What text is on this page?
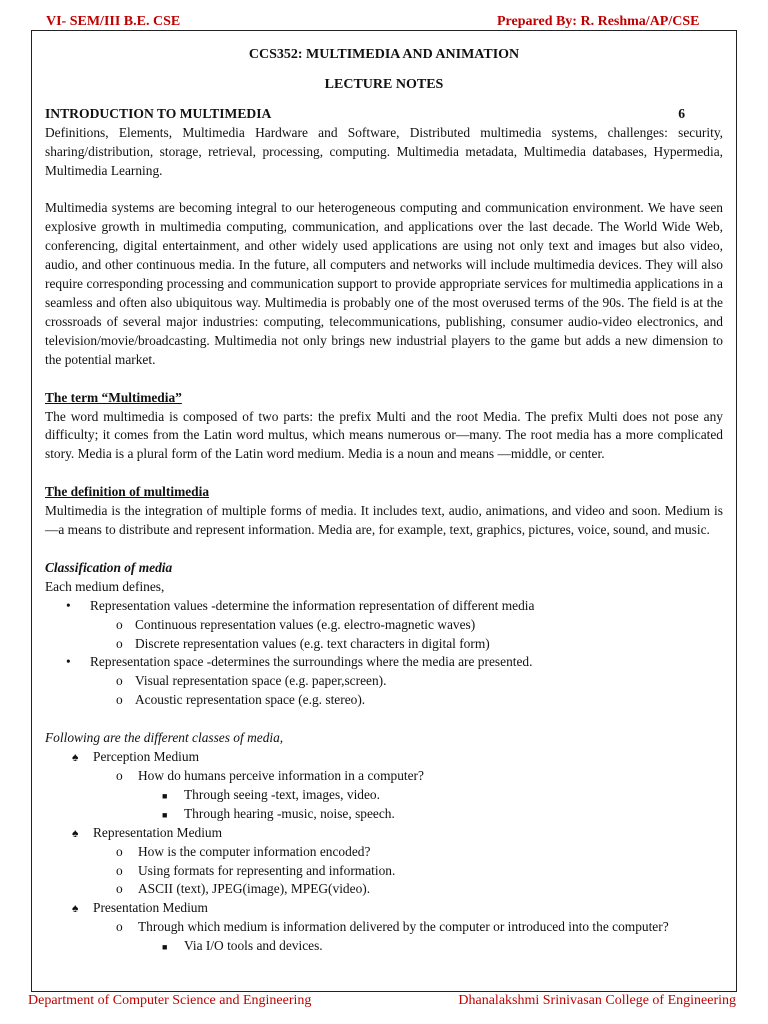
VI- SEM/III B.E. CSE	Prepared By: R. Reshma/AP/CSE
CCS352: MULTIMEDIA AND ANIMATION
LECTURE NOTES
INTRODUCTION TO MULTIMEDIA	6

Definitions, Elements, Multimedia Hardware and Software, Distributed multimedia systems, challenges: security, sharing/distribution, storage, retrieval, processing, computing. Multimedia metadata, Multimedia databases, Hypermedia, Multimedia Learning.

Multimedia systems are becoming integral to our heterogeneous computing and communication environment. We have seen explosive growth in multimedia computing, communication, and applications over the last decade. The World Wide Web, conferencing, digital entertainment, and other widely used applications are using not only text and images but also video, audio, and other continuous media. In the future, all computers and networks will include multimedia devices. They will also require corresponding processing and communication support to provide appropriate services for multimedia applications in a seamless and often also ubiquitous way. Multimedia is probably one of the most overused terms of the 90s. The field is at the crossroads of several major industries: computing, telecommunications, publishing, consumer audio-video electronics, and television/movie/broadcasting. Multimedia not only brings new industrial players to the game but adds a new dimension to the potential market.

The term “Multimedia”

The word multimedia is composed of two parts: the prefix Multi and the root Media. The prefix Multi does not pose any difficulty; it comes from the Latin word multus, which means numerous or—many. The root media has a more complicated story. Media is a plural form of the Latin word medium. Media is a noun and means —middle, or center.

The definition of multimedia

Multimedia is the integration of multiple forms of media. It includes text, audio, animations, and video and soon. Medium is —a means to distribute and represent information. Media are, for example, text, graphics, pictures, voice, sound, and music.

Classification of media
Each medium defines,
• Representation values -determine the information representation of different media
o Continuous representation values (e.g. electro-magnetic waves)
o Discrete representation values (e.g. text characters in digital form)
• Representation space -determines the surroundings where the media are presented.
o Visual representation space (e.g. paper,screen).
o Acoustic representation space (e.g. stereo).
Following are the different classes of media,
♠ Perception Medium
o How do humans perceive information in a computer?
■ Through seeing -text, images, video.
■ Through hearing -music, noise, speech.
♠ Representation Medium
o How is the computer information encoded?
o Using formats for representing and information.
o ASCII (text), JPEG(image), MPEG(video).
♠ Presentation Medium
o Through which medium is information delivered by the computer or introduced into the computer?
■ Via I/O tools and devices.
Department of Computer Science and Engineering	Dhanalakshmi Srinivasan College of Engineering
